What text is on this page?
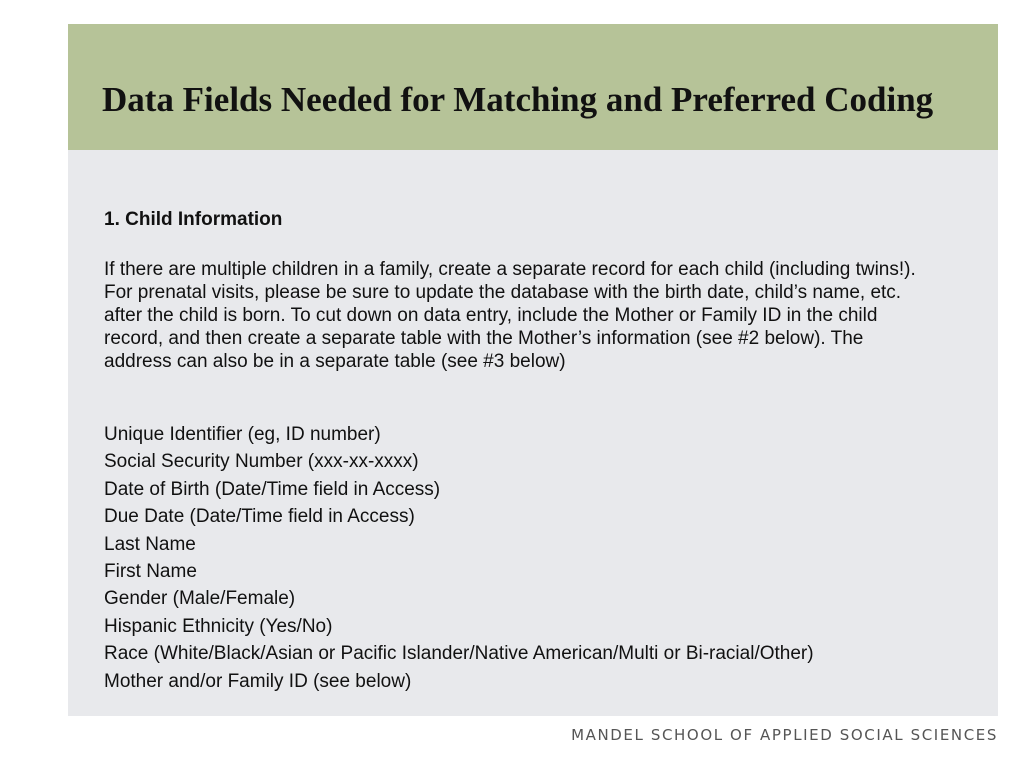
Data Fields Needed for Matching and Preferred Coding
1. Child Information

If there are multiple children in a family, create a separate record for each child (including twins!). For prenatal visits, please be sure to update the database with the birth date, child’s name, etc. after the child is born. To cut down on data entry, include the Mother or Family ID in the child record, and then create a separate table with the Mother’s information (see #2 below). The address can also be in a separate table (see #3 below)

Unique Identifier (eg, ID number)
Social Security Number (xxx-xx-xxxx)
Date of Birth (Date/Time field in Access)
Due Date (Date/Time field in Access)
Last Name
First Name
Gender (Male/Female)
Hispanic Ethnicity (Yes/No)
Race (White/Black/Asian or Pacific Islander/Native American/Multi or Bi-racial/Other)
Mother and/or Family ID (see below)
MANDEL SCHOOL OF APPLIED SOCIAL SCIENCES
